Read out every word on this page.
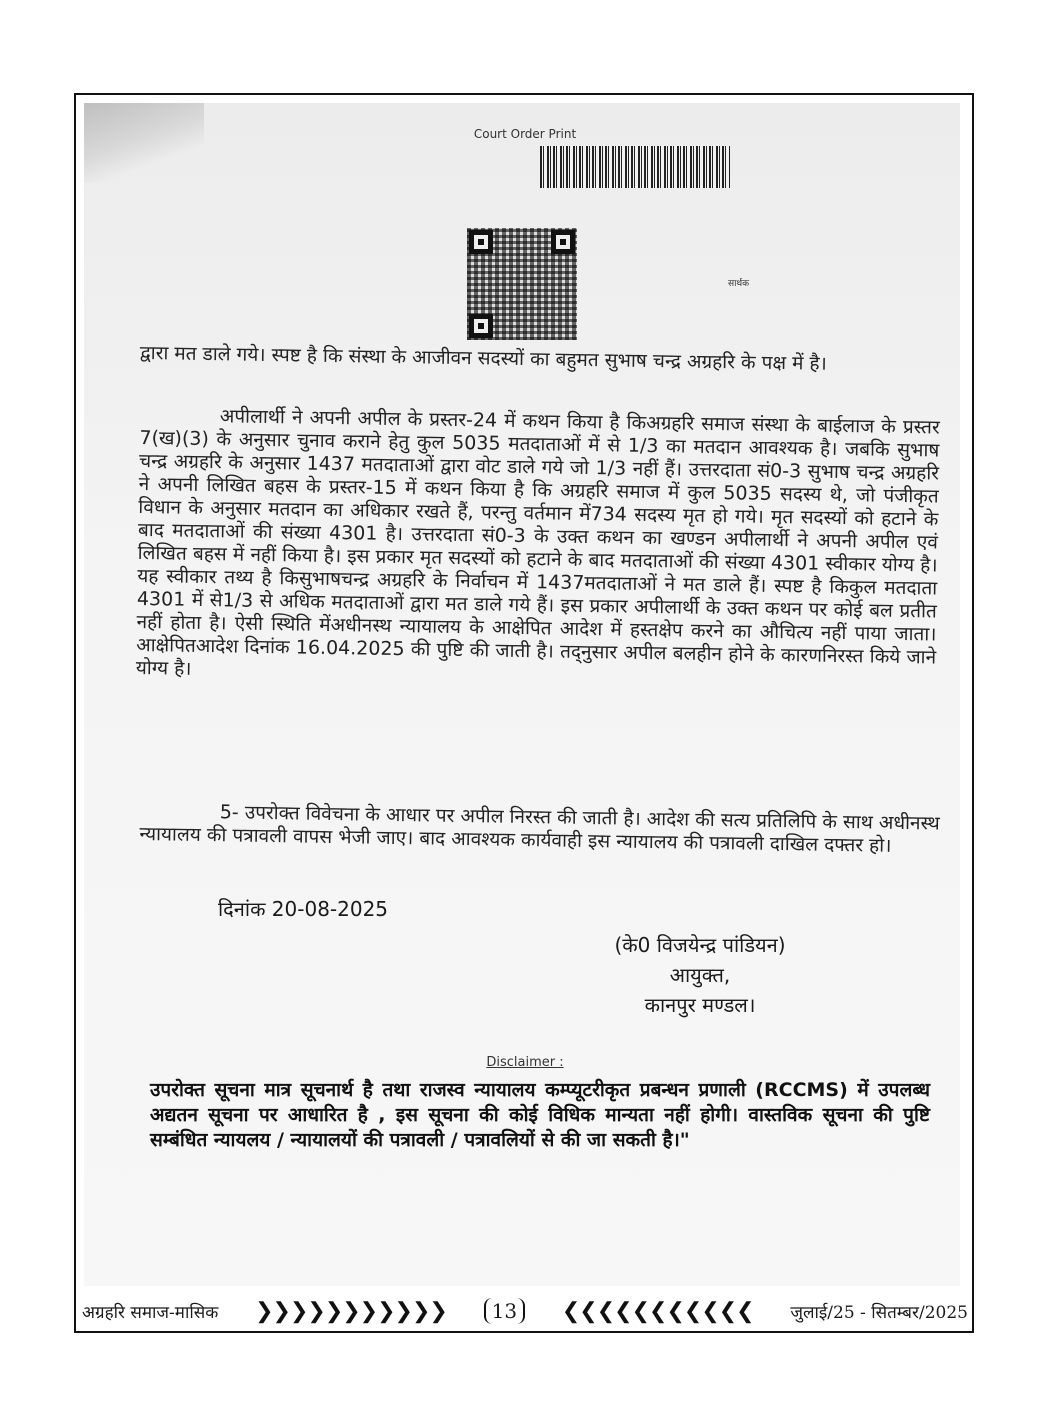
Court Order Print
सार्थक
द्वारा मत डाले गये। स्पष्ट है कि संस्था के आजीवन सदस्यों का बहुमत सुभाष चन्द्र अग्रहरि के पक्ष में है।
अपीलार्थी ने अपनी अपील के प्रस्तर-24 में कथन किया है किअग्रहरि समाज संस्था के बाईलाज के प्रस्तर 7(ख)(3) के अनुसार चुनाव कराने हेतु कुल 5035 मतदाताओं में से 1/3 का मतदान आवश्यक है। जबकि सुभाष चन्द्र अग्रहरि के अनुसार 1437 मतदाताओं द्वारा वोट डाले गये जो 1/3 नहीं हैं। उत्तरदाता सं0-3 सुभाष चन्द्र अग्रहरि ने अपनी लिखित बहस के प्रस्तर-15 में कथन किया है कि अग्रहरि समाज में कुल 5035 सदस्य थे, जो पंजीकृत विधान के अनुसार मतदान का अधिकार रखते हैं, परन्तु वर्तमान में734 सदस्य मृत हो गये। मृत सदस्यों को हटाने के बाद मतदाताओं की संख्या 4301 है। उत्तरदाता सं0-3 के उक्त कथन का खण्डन अपीलार्थी ने अपनी अपील एवं लिखित बहस में नहीं किया है। इस प्रकार मृत सदस्यों को हटाने के बाद मतदाताओं की संख्या 4301 स्वीकार योग्य है। यह स्वीकार तथ्य है किसुभाषचन्द्र अग्रहरि के निर्वाचन में 1437मतदाताओं ने मत डाले हैं। स्पष्ट है किकुल मतदाता 4301 में से1/3 से अधिक मतदाताओं द्वारा मत डाले गये हैं। इस प्रकार अपीलार्थी के उक्त कथन पर कोई बल प्रतीत नहीं होता है। ऐसी स्थिति मेंअधीनस्थ न्यायालय के आक्षेपित आदेश में हस्तक्षेप करने का औचित्य नहीं पाया जाता। आक्षेपितआदेश दिनांक 16.04.2025 की पुष्टि की जाती है। तद्नुसार अपील बलहीन होने के कारणनिरस्त किये जाने योग्य है।
5- उपरोक्त विवेचना के आधार पर अपील निरस्त की जाती है। आदेश की सत्य प्रतिलिपि के साथ अधीनस्थ न्यायालय की पत्रावली वापस भेजी जाए। बाद आवश्यक कार्यवाही इस न्यायालय की पत्रावली दाखिल दफ्तर हो।
दिनांक 20-08-2025
(के0 विजयेन्द्र पांडियन)
आयुक्त,
कानपुर मण्डल।
Disclaimer :
उपरोक्त सूचना मात्र सूचनार्थ है तथा राजस्व न्यायालय कम्प्यूटरीकृत प्रबन्धन प्रणाली (RCCMS) में उपलब्ध अद्यतन सूचना पर आधारित है , इस सूचना की कोई विधिक मान्यता नहीं होगी। वास्तविक सूचना की पुष्टि सम्बंधित न्यायलय / न्यायालयों की पत्रावली / पत्रावलियों से की जा सकती है।"
अग्रहरि समाज-मासिक ❯❯❯❯❯❯❯❯❯❯❯	13	❮❮❮❮❮❮❮❮❮❮❮ जुलाई/25 - सितम्बर/2025
